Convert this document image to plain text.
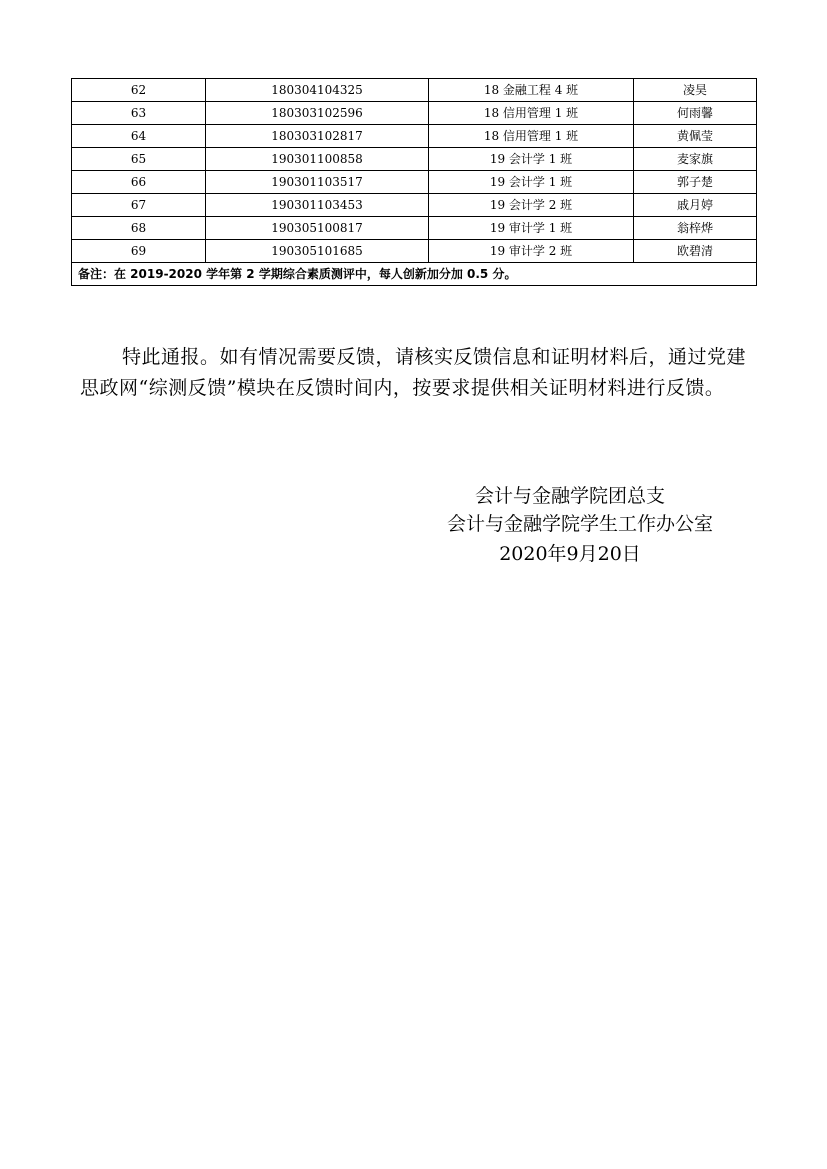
62	180304104325	18 金融工程 4 班	凌昊
63	180303102596	18 信用管理 1 班	何雨馨
64	180303102817	18 信用管理 1 班	黄佩莹
65	190301100858	19 会计学 1 班	麦家旗
66	190301103517	19 会计学 1 班	郭子楚
67	190301103453	19 会计学 2 班	戚月婷
68	190305100817	19 审计学 1 班	翁梓烨
69	190305101685	19 审计学 2 班	欧碧清
备注：在 2019-2020 学年第 2 学期综合素质测评中，每人创新加分加 0.5 分。			

特此通报。如有情况需要反馈，请核实反馈信息和证明材料后，通过党建思政网“综测反馈”模块在反馈时间内，按要求提供相关证明材料进行反馈。

会计与金融学院团总支
会计与金融学院学生工作办公室
2020年9月20日
